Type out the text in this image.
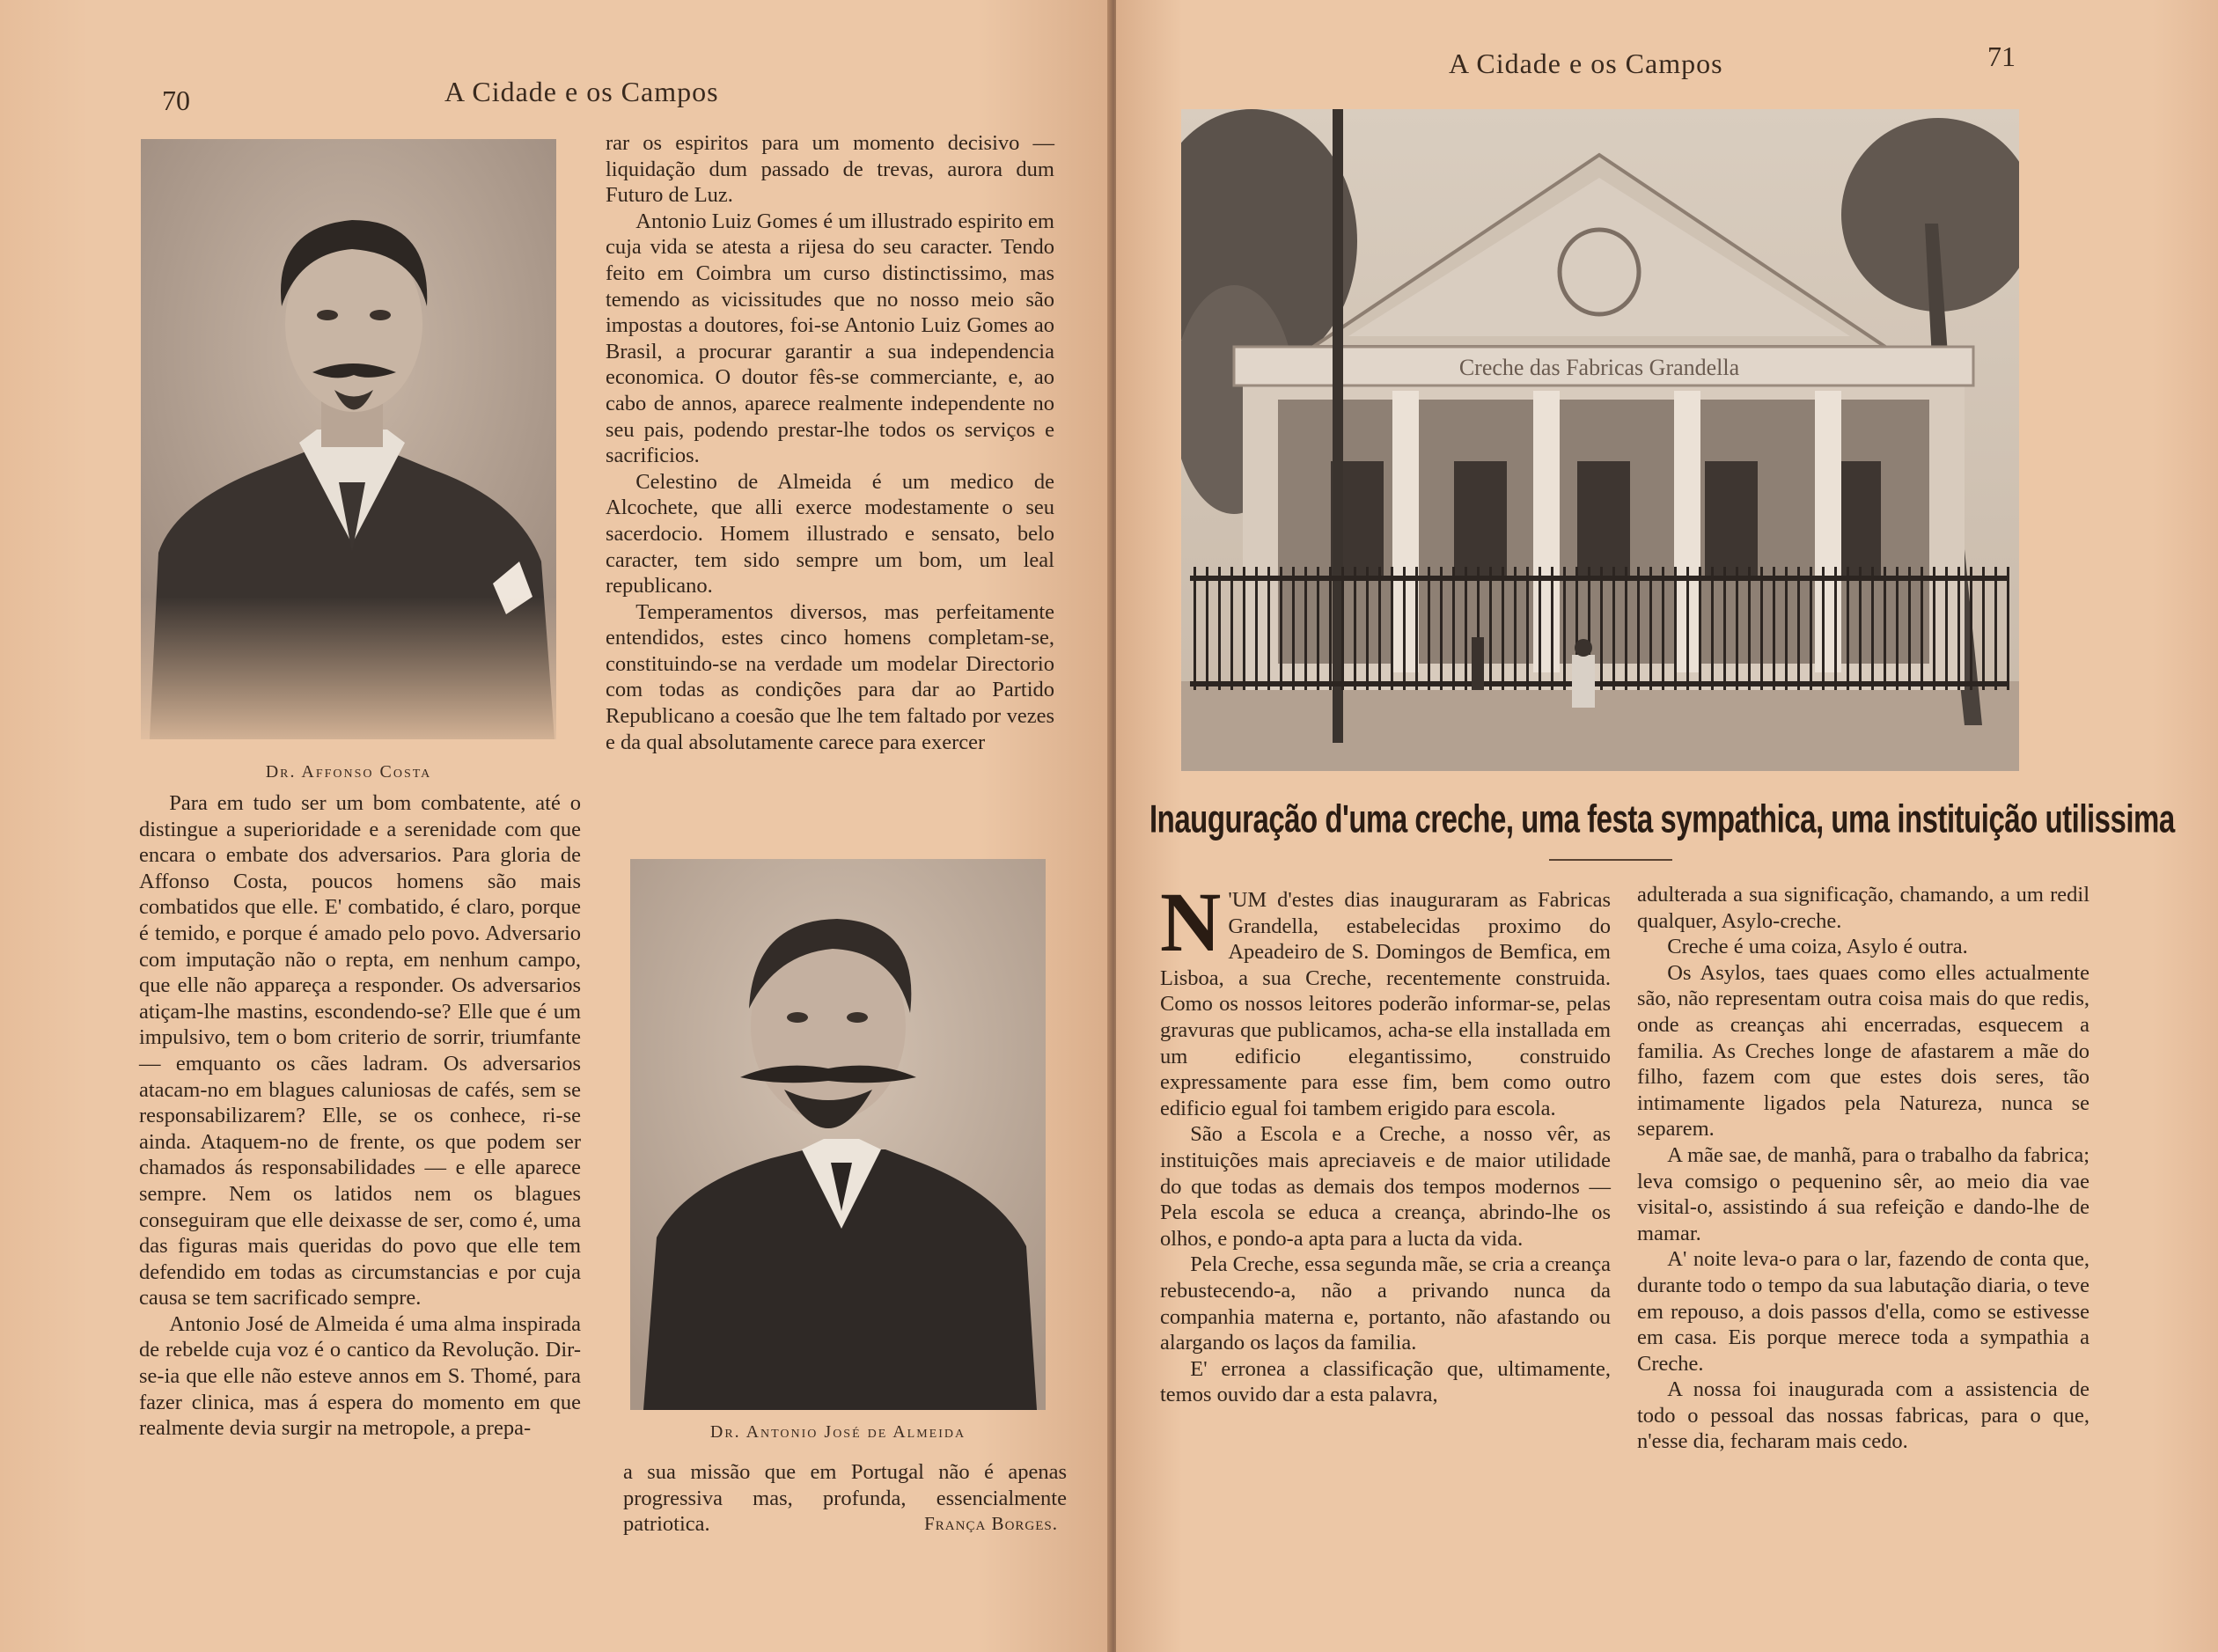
70	A Cidade e os Campos
Dr. Affonso Costa

Para em tudo ser um bom combatente, até o distingue a superioridade e a serenidade com que encara o embate dos adversarios. Para gloria de Affonso Costa, poucos homens são mais combatidos que elle. E' combatido, é claro, porque é temido, e porque é amado pelo povo. Adversario com imputação não o repta, em nenhum campo, que elle não appareça a responder. Os adversarios atiçam-lhe mastins, escondendo-se? Elle que é um impulsivo, tem o bom criterio de sorrir, triumfante — emquanto os cães ladram. Os adversarios atacam-no em blagues caluniosas de cafés, sem se responsabilizarem? Elle, se os conhece, ri-se ainda. Ataquem-no de frente, os que podem ser chamados ás responsabilidades — e elle aparece sempre. Nem os latidos nem os blagues conseguiram que elle deixasse de ser, como é, uma das figuras mais queridas do povo que elle tem defendido em todas as circumstancias e por cuja causa se tem sacrificado sempre.

Antonio José de Almeida é uma alma inspirada de rebelde cuja voz é o cantico da Revolução. Dir-se-ia que elle não esteve annos em S. Thomé, para fazer clinica, mas á espera do momento em que realmente devia surgir na metropole, a prepa-

rar os espiritos para um momento decisivo — liquidação dum passado de trevas, aurora dum Futuro de Luz.

Antonio Luiz Gomes é um illustrado espirito em cuja vida se atesta a rijesa do seu caracter. Tendo feito em Coimbra um curso distinctissimo, mas temendo as vicissitudes que no nosso meio são impostas a doutores, foi-se Antonio Luiz Gomes ao Brasil, a procurar garantir a sua independencia economica. O doutor fês-se commerciante, e, ao cabo de annos, aparece realmente independente no seu pais, podendo prestar-lhe todos os serviços e sacrificios.

Celestino de Almeida é um medico de Alcochete, que alli exerce modestamente o seu sacerdocio. Homem illustrado e sensato, belo caracter, tem sido sempre um bom, um leal republicano.

Temperamentos diversos, mas perfeitamente entendidos, estes cinco homens completam-se, constituindo-se na verdade um modelar Directorio com todas as condições para dar ao Partido Republicano a coesão que lhe tem faltado por vezes e da qual absolutamente carece para exercer

Dr. Antonio José de Almeida

a sua missão que em Portugal não é apenas progressiva mas, profunda, essencialmente patriotica.	França Borges.

A Cidade e os Campos	71
Creche das Fabricas Grandella
Inauguração d'uma creche, uma festa sympathica, uma instituição utilissima

N 'UM d'estes dias inauguraram as Fabricas Grandella, estabelecidas proximo do Apeadeiro de S. Domingos de Bemfica, em Lisboa, a sua Creche, recentemente construida. Como os nossos leitores poderão informar-se, pelas gravuras que publicamos, acha-se ella installada em um edificio elegantissimo, construido expressamente para esse fim, bem como outro edificio egual foi tambem erigido para escola.

São a Escola e a Creche, a nosso vêr, as instituições mais apreciaveis e de maior utilidade do que todas as demais dos tempos modernos — Pela escola se educa a creança, abrindo-lhe os olhos, e pondo-a apta para a lucta da vida.

Pela Creche, essa segunda mãe, se cria a creança rebustecendo-a, não a privando nunca da companhia materna e, portanto, não afastando ou alargando os laços da familia.

E' erronea a classificação que, ultimamente, temos ouvido dar a esta palavra,

adulterada a sua significação, chamando, a um redil qualquer, Asylo-creche.

Creche é uma coiza, Asylo é outra.

Os Asylos, taes quaes como elles actualmente são, não representam outra coisa mais do que redis, onde as creanças ahi encerradas, esquecem a familia. As Creches longe de afastarem a mãe do filho, fazem com que estes dois seres, tão intimamente ligados pela Natureza, nunca se separem.

A mãe sae, de manhã, para o trabalho da fabrica; leva comsigo o pequenino sêr, ao meio dia vae visital-o, assistindo á sua refeição e dando-lhe de mamar.

A' noite leva-o para o lar, fazendo de conta que, durante todo o tempo da sua labutação diaria, o teve em repouso, a dois passos d'ella, como se estivesse em casa. Eis porque merece toda a sympathia a Creche.

A nossa foi inaugurada com a assistencia de todo o pessoal das nossas fabricas, para o que, n'esse dia, fecharam mais cedo.
